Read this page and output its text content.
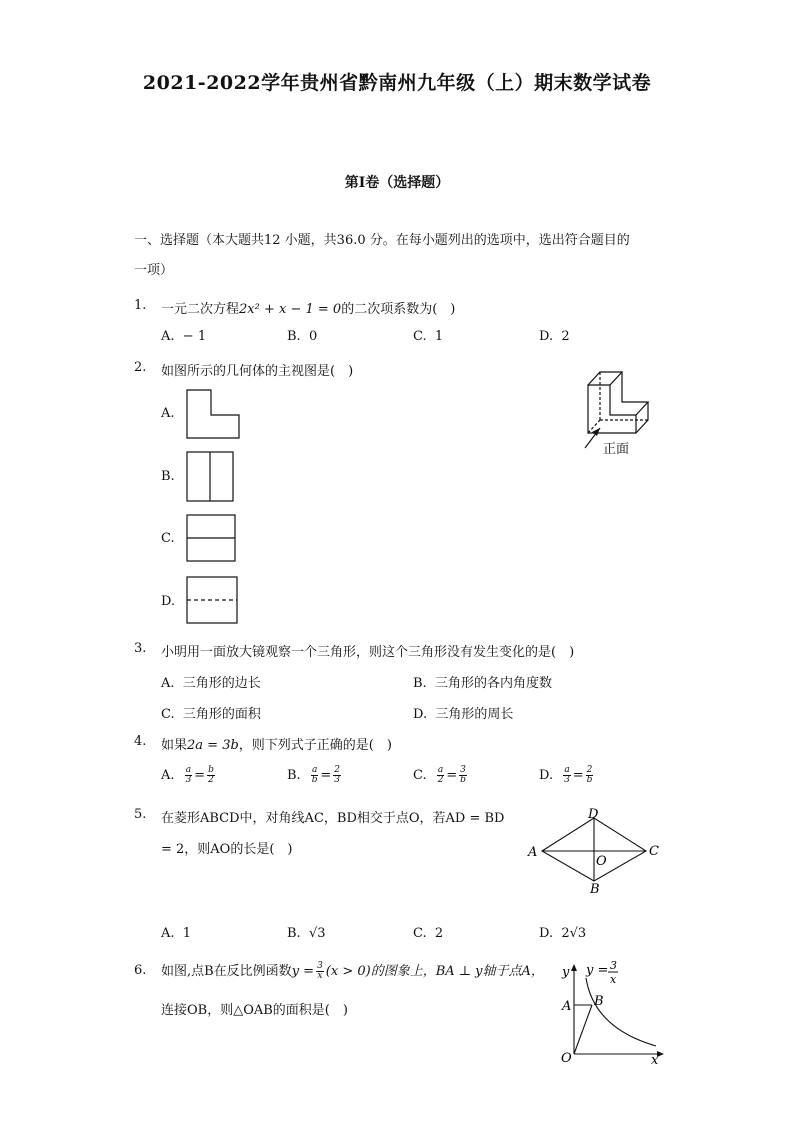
2021-2022学年贵州省黔南州九年级（上）期末数学试卷
第I卷（选择题）
一、选择题（本大题共12 小题，共36.0 分。在每小题列出的选项中，选出符合题目的
一项）
1. 一元二次方程2x² + x − 1 = 0的二次项系数为(　)
A. − 1	B. 0	C. 1	D. 2
2. 如图所示的几何体的主视图是(　)
正面
A.
B.
C.
D.
3. 小明用一面放大镜观察一个三角形，则这个三角形没有发生变化的是(　)
A. 三角形的边长	B. 三角形的各内角度数
C. 三角形的面积	D. 三角形的周长
4. 如果2a = 3b，则下列式子正确的是(　)
A. $\frac{a}{3} = \frac{b}{2}$	B. $\frac{a}{b} = \frac{2}{3}$	C. $\frac{a}{2} = \frac{3}{b}$	D. $\frac{a}{3} = \frac{2}{b}$
5. 在菱形ABCD中，对角线AC，BD相交于点O，若AD = BD
= 2，则AO的长是(　)	A
D
C
B
O
A. 1	B. √3	C. 2	D. 2√3
6. 如图,点B在反比例函数$y = \frac{3}{x} (x > 0)$的图象上，BA ⊥ y轴于点A，
连接OB，则△OAB的面积是(　)
y
x
A B
O
y = 3
x
